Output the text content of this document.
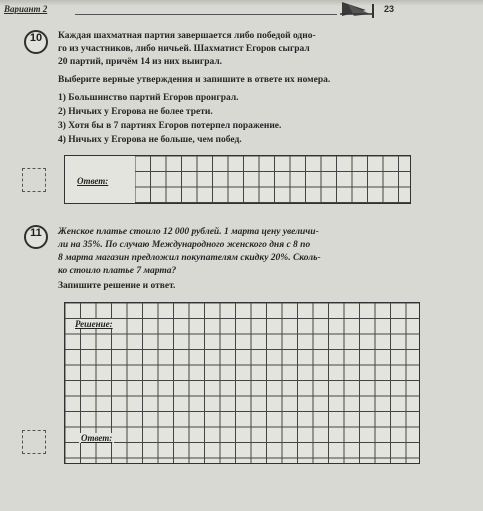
Вариант 2	23
10	Каждая шахматная партия завершается либо победой одно-
го из участников, либо ничьей. Шахматист Егоров сыграл
20 партий, причём 14 из них выиграл.
Выберите верные утверждения и запишите в ответе их номера.
1) Большинство партий Егоров проиграл.
2) Ничьих у Егорова не более трети.
3) Хотя бы в 7 партиях Егоров потерпел поражение.
4) Ничьих у Егорова не больше, чем побед.
Ответ:
11	Женское платье стоило 12 000 рублей. 1 марта цену увеличи-
ли на 35%. По случаю Международного женского дня с 8 по
8 марта магазин предложил покупателям скидку 20%. Сколь-
ко стоило платье 7 марта?
Запишите решение и ответ.
Решение:
Ответ:
